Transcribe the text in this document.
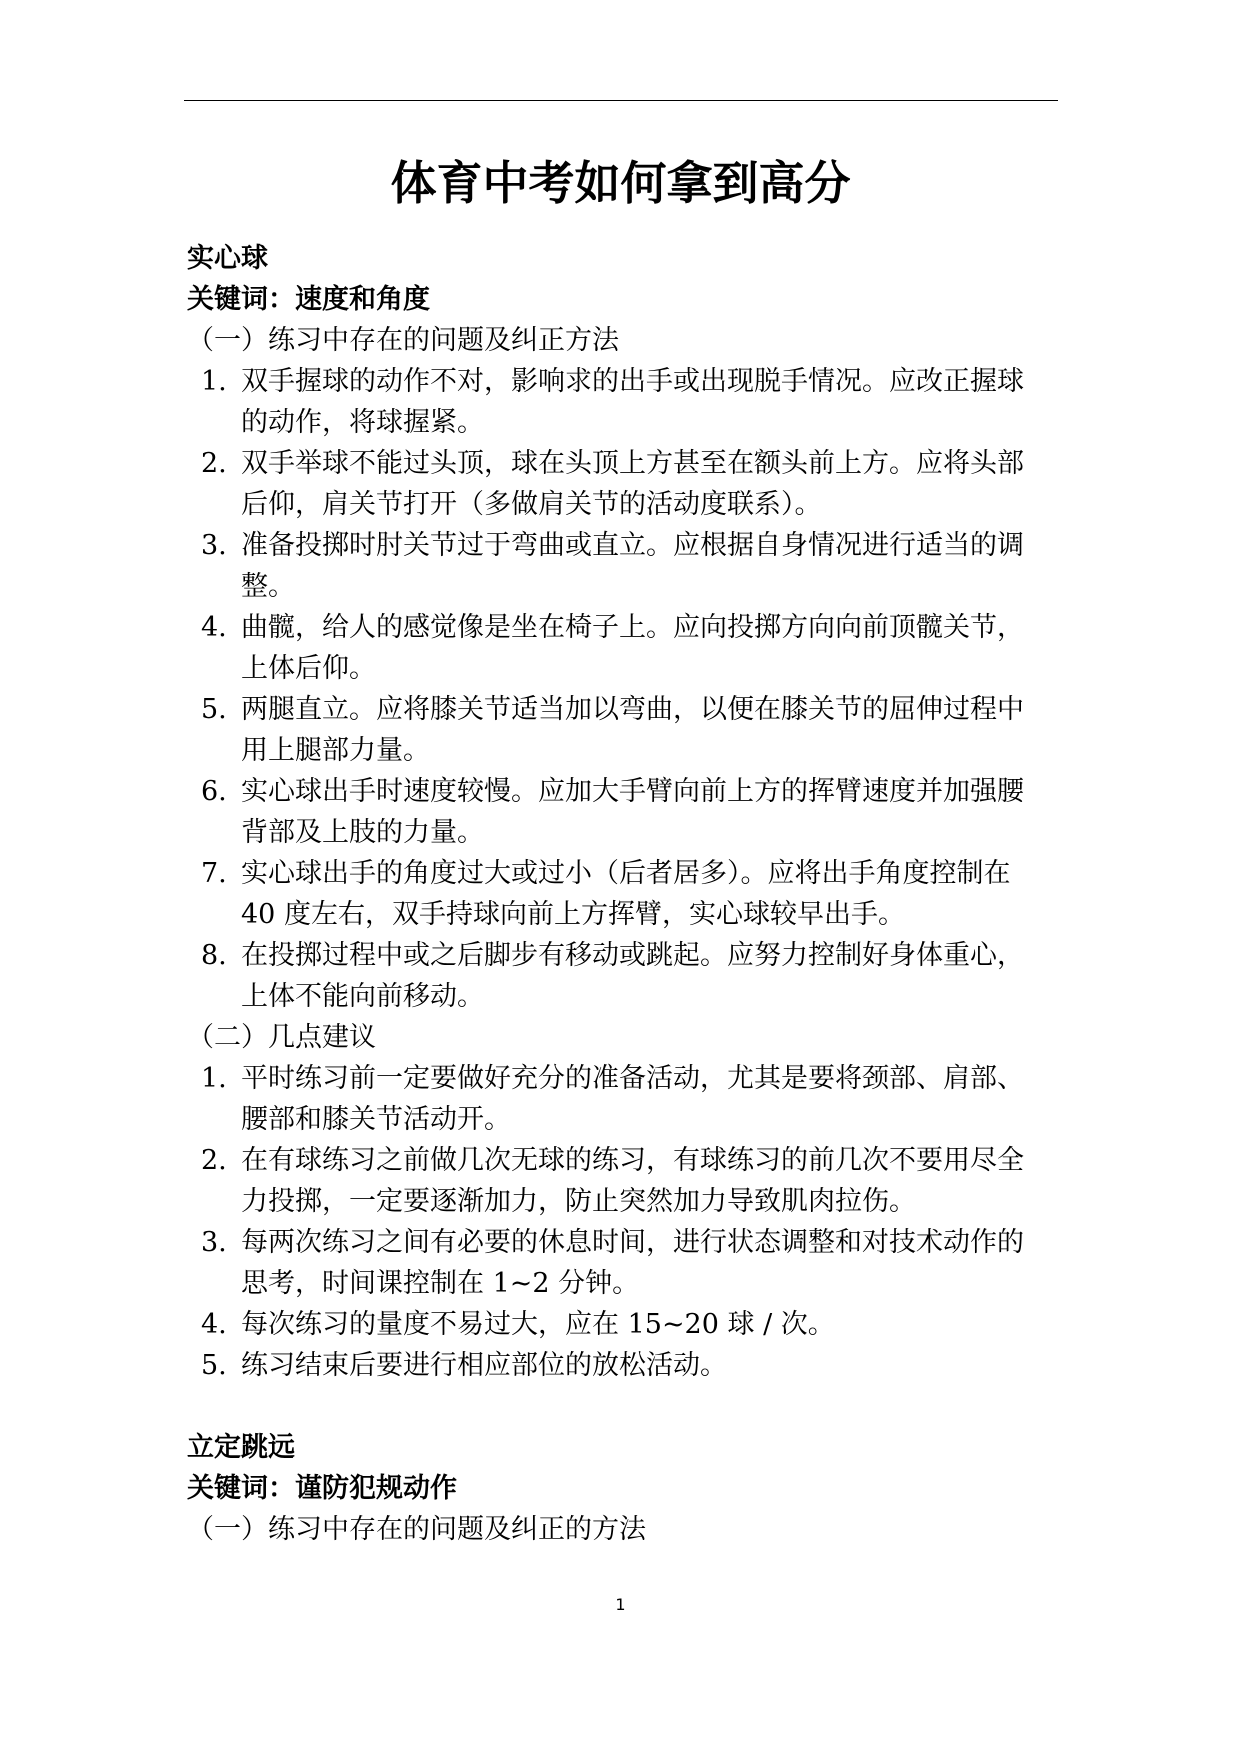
体育中考如何拿到高分

实心球

关键词：速度和角度

（一）练习中存在的问题及纠正方法

1. 双手握球的动作不对，影响求的出手或出现脱手情况。应改正握球的动作，将球握紧。
2. 双手举球不能过头顶，球在头顶上方甚至在额头前上方。应将头部后仰，肩关节打开（多做肩关节的活动度联系）。
3. 准备投掷时肘关节过于弯曲或直立。应根据自身情况进行适当的调整。
4. 曲髋，给人的感觉像是坐在椅子上。应向投掷方向向前顶髋关节，上体后仰。
5. 两腿直立。应将膝关节适当加以弯曲，以便在膝关节的屈伸过程中用上腿部力量。
6. 实心球出手时速度较慢。应加大手臂向前上方的挥臂速度并加强腰背部及上肢的力量。
7. 实心球出手的角度过大或过小（后者居多）。应将出手角度控制在 40 度左右，双手持球向前上方挥臂，实心球较早出手。
8. 在投掷过程中或之后脚步有移动或跳起。应努力控制好身体重心，上体不能向前移动。

（二）几点建议

1. 平时练习前一定要做好充分的准备活动，尤其是要将颈部、肩部、腰部和膝关节活动开。
2. 在有球练习之前做几次无球的练习，有球练习的前几次不要用尽全力投掷，一定要逐渐加力，防止突然加力导致肌肉拉伤。
3. 每两次练习之间有必要的休息时间，进行状态调整和对技术动作的思考，时间课控制在 1~2 分钟。
4. 每次练习的量度不易过大，应在 15~20 球 / 次。
5. 练习结束后要进行相应部位的放松活动。

立定跳远

关键词：谨防犯规动作

（一）练习中存在的问题及纠正的方法

1
